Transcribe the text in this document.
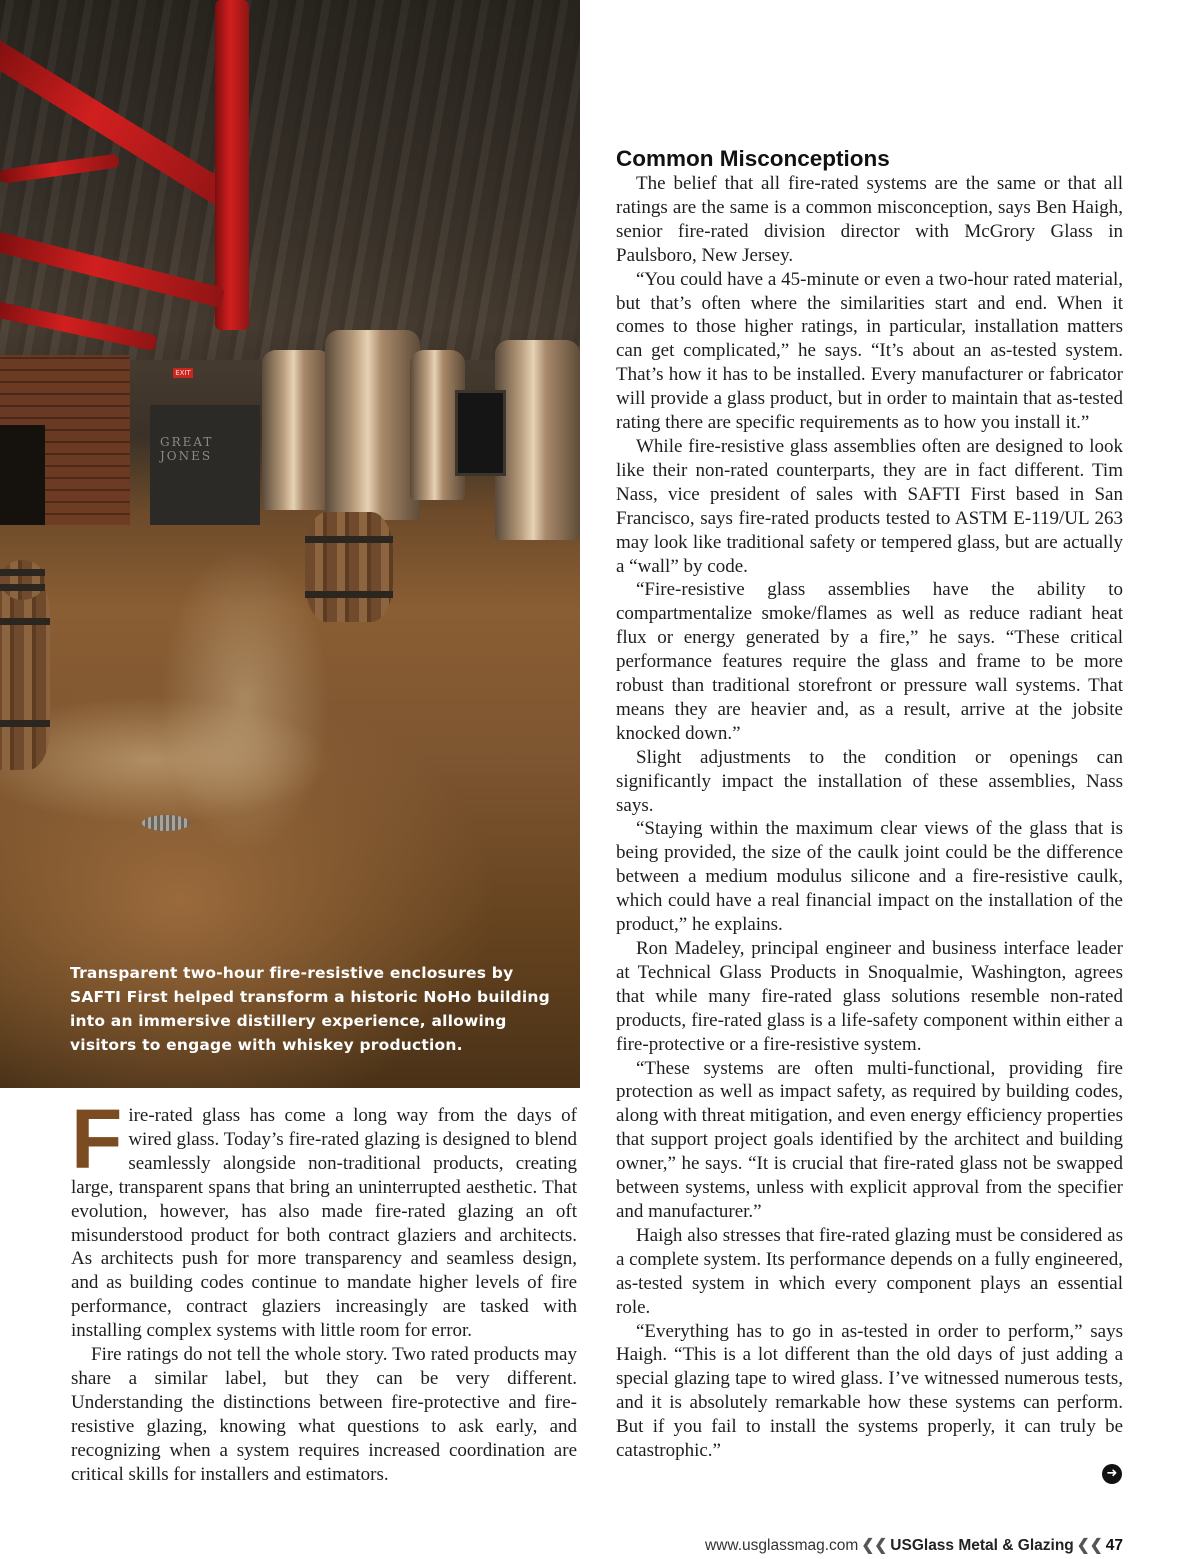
EXIT
GREAT JONES

Transparent two-hour fire-resistive enclosures by SAFTI First helped transform a historic NoHo building into an immersive distillery experience, allowing visitors to engage with whiskey production.

Fire-rated glass has come a long way from the days of wired glass. Today’s fire-rated glazing is designed to blend seamlessly alongside non-traditional products, creating large, transparent spans that bring an uninterrupted aesthetic. That evolution, however, has also made fire-rated glazing an oft misunderstood product for both contract glaziers and architects. As architects push for more transparency and seamless design, and as building codes continue to mandate higher levels of fire performance, contract glaziers increasingly are tasked with installing complex systems with little room for error.

Fire ratings do not tell the whole story. Two rated products may share a similar label, but they can be very different. Understanding the distinctions between fire-protective and fire-resistive glazing, knowing what questions to ask early, and recognizing when a system requires increased coordination are critical skills for installers and estimators.

Common Misconceptions

The belief that all fire-rated systems are the same or that all ratings are the same is a common misconception, says Ben Haigh, senior fire-rated division director with McGrory Glass in Paulsboro, New Jersey.

“You could have a 45-minute or even a two-hour rated material, but that’s often where the similarities start and end. When it comes to those higher ratings, in particular, installation matters can get complicated,” he says. “It’s about an as-tested system. That’s how it has to be installed. Every manufacturer or fabricator will provide a glass product, but in order to maintain that as-tested rating there are specific requirements as to how you install it.”

While fire-resistive glass assemblies often are designed to look like their non-rated counterparts, they are in fact different. Tim Nass, vice president of sales with SAFTI First based in San Francisco, says fire-rated products tested to ASTM E-119/UL 263 may look like traditional safety or tempered glass, but are actually a “wall” by code.

“Fire-resistive glass assemblies have the ability to compartmentalize smoke/flames as well as reduce radiant heat flux or energy generated by a fire,” he says. “These critical performance features require the glass and frame to be more robust than traditional storefront or pressure wall systems. That means they are heavier and, as a result, arrive at the jobsite knocked down.”

Slight adjustments to the condition or openings can significantly impact the installation of these assemblies, Nass says.

“Staying within the maximum clear views of the glass that is being provided, the size of the caulk joint could be the difference between a medium modulus silicone and a fire-resistive caulk, which could have a real financial impact on the installation of the product,” he explains.

Ron Madeley, principal engineer and business interface leader at Technical Glass Products in Snoqualmie, Washington, agrees that while many fire-rated glass solutions resemble non-rated products, fire-rated glass is a life-safety component within either a fire-protective or a fire-resistive system.

“These systems are often multi-functional, providing fire protection as well as impact safety, as required by building codes, along with threat mitigation, and even energy efficiency properties that support project goals identified by the architect and building owner,” he says. “It is crucial that fire-rated glass not be swapped between systems, unless with explicit approval from the specifier and manufacturer.”

Haigh also stresses that fire-rated glazing must be considered as a complete system. Its performance depends on a fully engineered, as-tested system in which every component plays an essential role.

“Everything has to go in as-tested in order to perform,” says Haigh. “This is a lot different than the old days of just adding a special glazing tape to wired glass. I’ve witnessed numerous tests, and it is absolutely remarkable how these systems can perform. But if you fail to install the systems properly, it can truly be catastrophic.”

➜
www.usglassmag.com ❮❮ USGlass Metal & Glazing ❮❮ 47
